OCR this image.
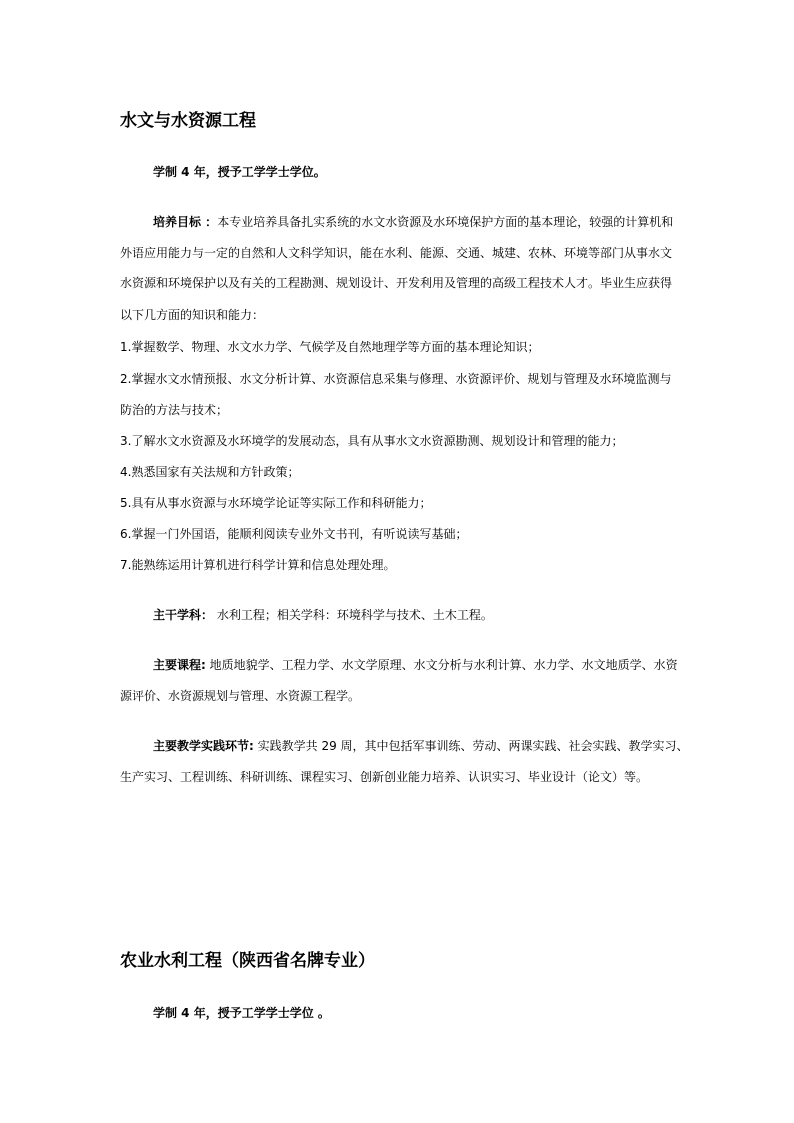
水文与水资源工程

学制 4 年，授予工学学士学位。

培养目标 ：本专业培养具备扎实系统的水文水资源及水环境保护方面的基本理论，较强的计算机和

外语应用能力与一定的自然和人文科学知识，能在水利、能源、交通、城建、农林、环境等部门从事水文

水资源和环境保护以及有关的工程勘测、规划设计、开发利用及管理的高级工程技术人才。毕业生应获得

以下几方面的知识和能力：

1.掌握数学、物理、水文水力学、气候学及自然地理学等方面的基本理论知识；

2.掌握水文水情预报、水文分析计算、水资源信息采集与修理、水资源评价、规划与管理及水环境监测与

防治的方法与技术；

3.了解水文水资源及水环境学的发展动态，具有从事水文水资源勘测、规划设计和管理的能力；

4.熟悉国家有关法规和方针政策；

5.具有从事水资源与水环境学论证等实际工作和科研能力；

6.掌握一门外国语，能顺利阅读专业外文书刊，有听说读写基础；

7.能熟练运用计算机进行科学计算和信息处理处理。

主干学科： 水利工程；相关学科：环境科学与技术、土木工程。

主要课程: 地质地貌学、工程力学、水文学原理、水文分析与水利计算、水力学、水文地质学、水资

源评价、水资源规划与管理、水资源工程学。

主要教学实践环节: 实践教学共 29 周，其中包括军事训练、劳动、两课实践、社会实践、教学实习、

生产实习、工程训练、科研训练、课程实习、创新创业能力培养、认识实习、毕业设计（论文）等。

农业水利工程（陕西省名牌专业）

学制 4 年，授予工学学士学位 。
